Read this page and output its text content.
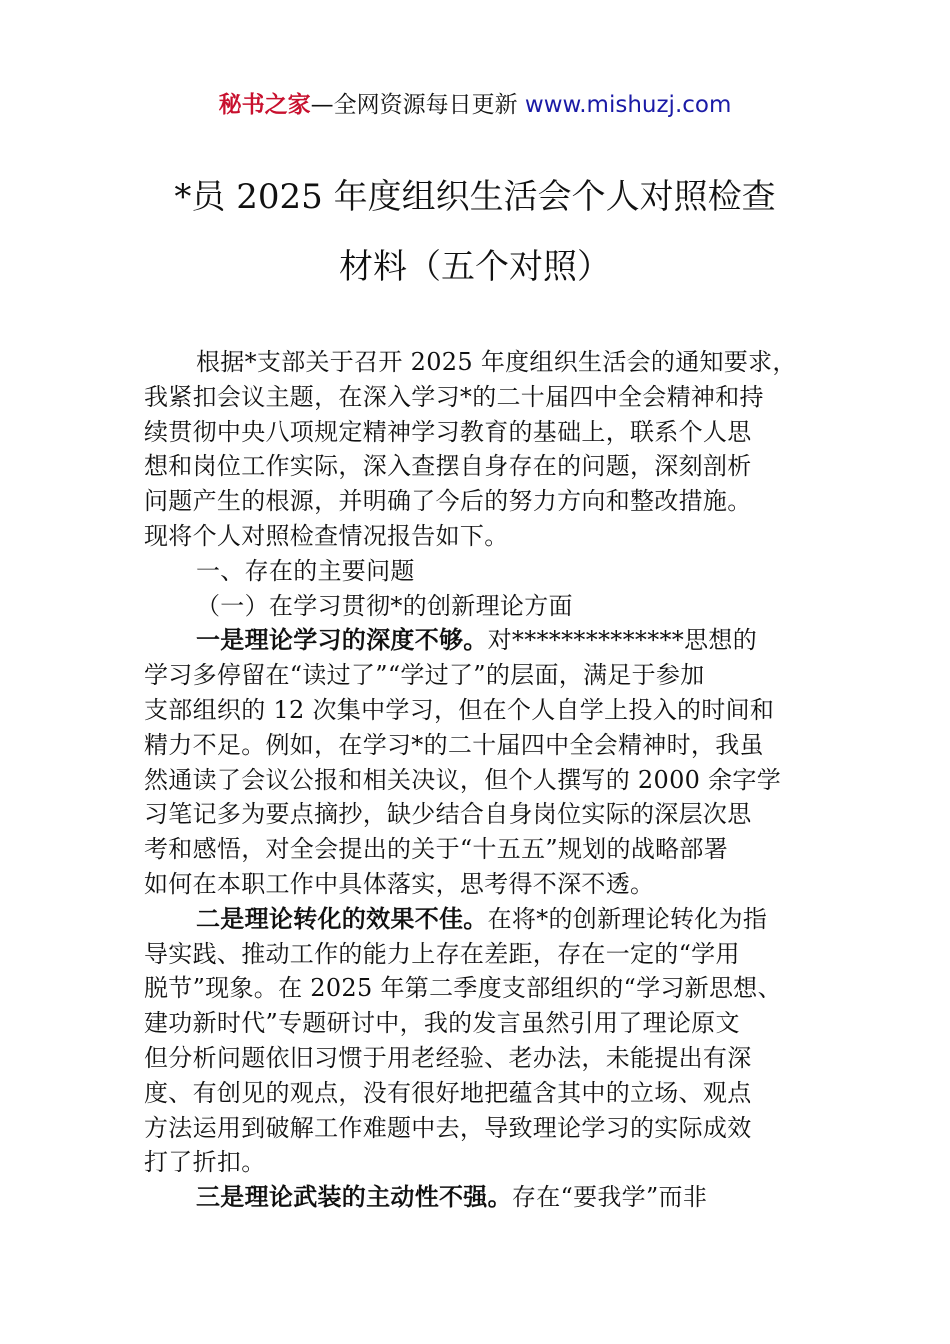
秘书之家—全网资源每日更新 www.mishuzj.com
*员 2025 年度组织生活会个人对照检查
材料（五个对照）
根据*支部关于召开 2025 年度组织生活会的通知要求，
我紧扣会议主题，在深入学习*的二十届四中全会精神和持
续贯彻中央八项规定精神学习教育的基础上，联系个人思
想和岗位工作实际，深入查摆自身存在的问题，深刻剖析
问题产生的根源，并明确了今后的努力方向和整改措施。
现将个人对照检查情况报告如下。
一、存在的主要问题
（一）在学习贯彻*的创新理论方面
一是理论学习的深度不够。对**************思想的
学习多停留在“读过了”“学过了”的层面，满足于参加
支部组织的 12 次集中学习，但在个人自学上投入的时间和
精力不足。例如，在学习*的二十届四中全会精神时，我虽
然通读了会议公报和相关决议，但个人撰写的 2000 余字学
习笔记多为要点摘抄，缺少结合自身岗位实际的深层次思
考和感悟，对全会提出的关于“十五五”规划的战略部署
如何在本职工作中具体落实，思考得不深不透。
二是理论转化的效果不佳。在将*的创新理论转化为指
导实践、推动工作的能力上存在差距，存在一定的“学用
脱节”现象。在 2025 年第二季度支部组织的“学习新思想、
建功新时代”专题研讨中，我的发言虽然引用了理论原文
但分析问题依旧习惯于用老经验、老办法，未能提出有深
度、有创见的观点，没有很好地把蕴含其中的立场、观点
方法运用到破解工作难题中去，导致理论学习的实际成效
打了折扣。
三是理论武装的主动性不强。存在“要我学”而非
